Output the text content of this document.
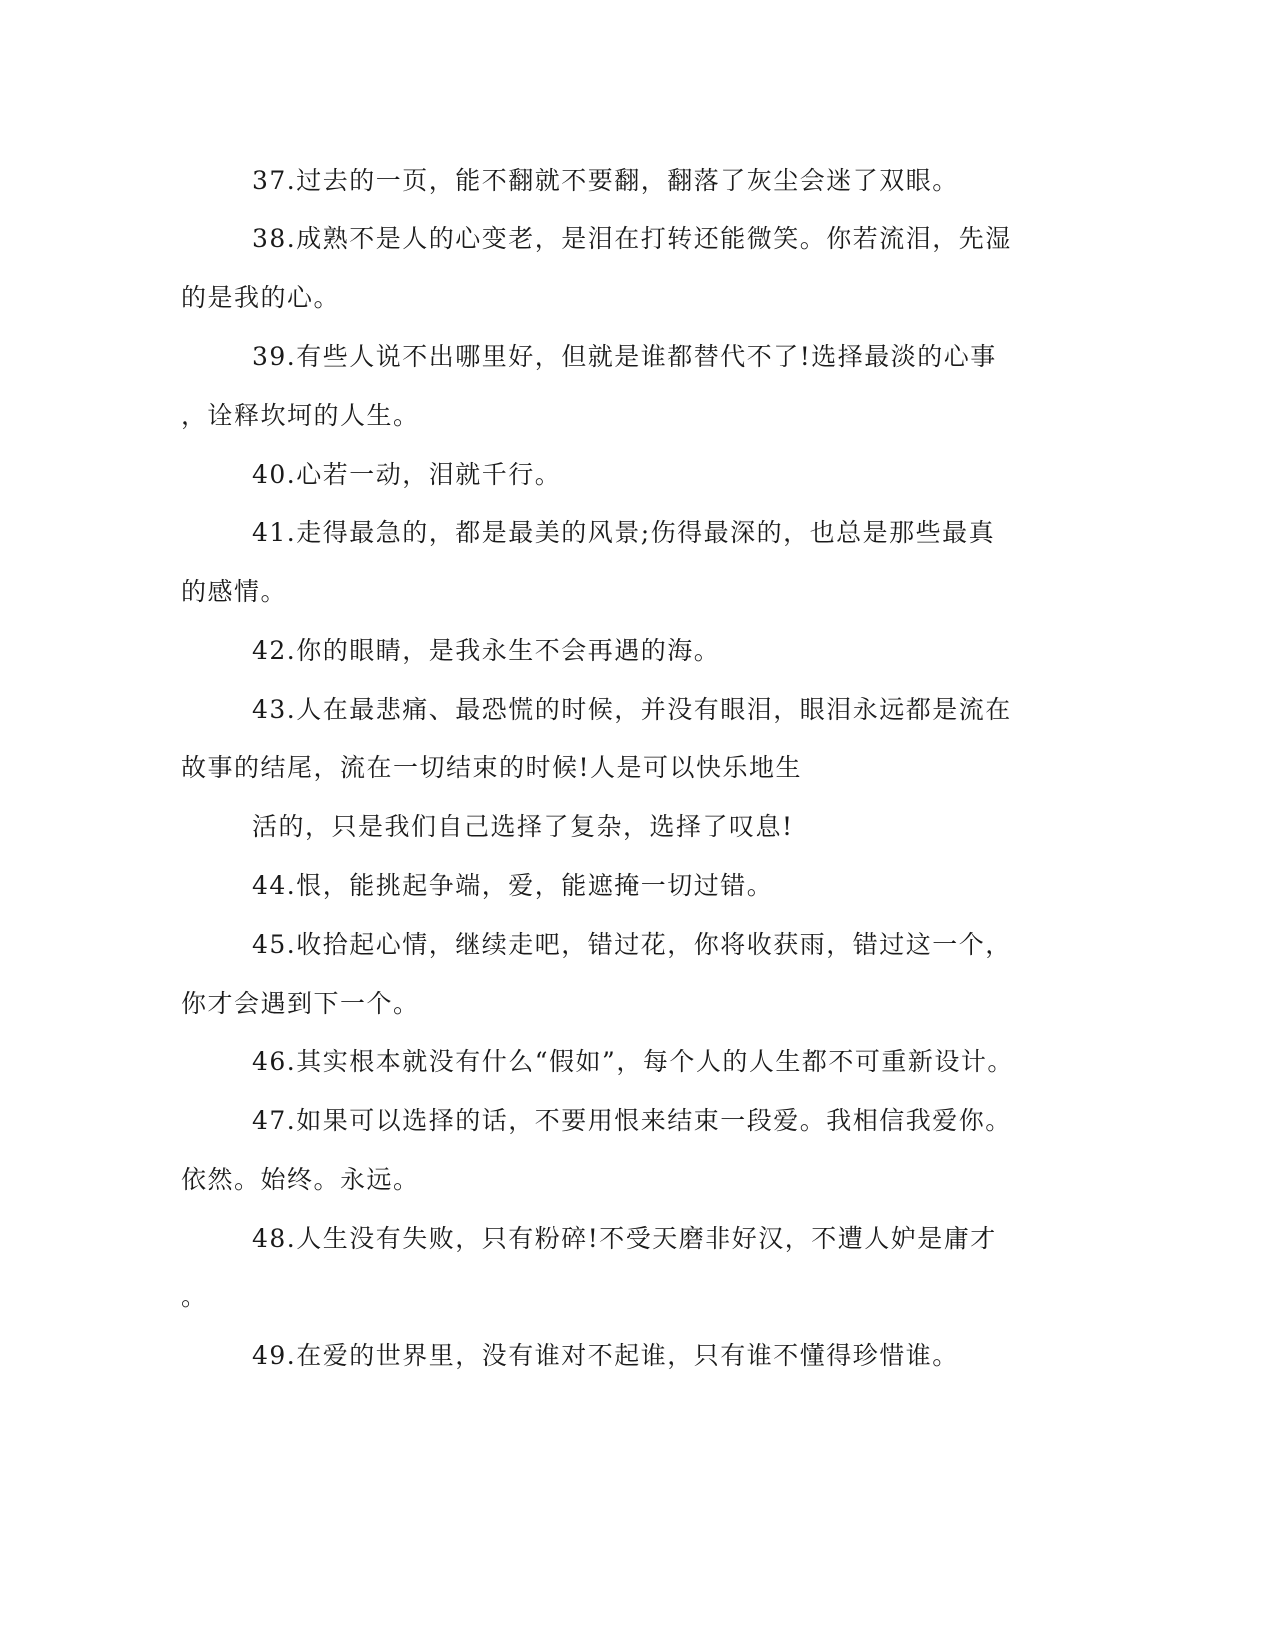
37.过去的一页，能不翻就不要翻，翻落了灰尘会迷了双眼。
38.成熟不是人的心变老，是泪在打转还能微笑。你若流泪，先湿
的是我的心。
39.有些人说不出哪里好，但就是谁都替代不了!选择最淡的心事
，诠释坎坷的人生。
40.心若一动，泪就千行。
41.走得最急的，都是最美的风景;伤得最深的，也总是那些最真
的感情。
42.你的眼睛，是我永生不会再遇的海。
43.人在最悲痛、最恐慌的时候，并没有眼泪，眼泪永远都是流在
故事的结尾，流在一切结束的时候!人是可以快乐地生
活的，只是我们自己选择了复杂，选择了叹息!
44.恨，能挑起争端，爱，能遮掩一切过错。
45.收拾起心情，继续走吧，错过花，你将收获雨，错过这一个，
你才会遇到下一个。
46.其实根本就没有什么“假如”，每个人的人生都不可重新设计。
47.如果可以选择的话，不要用恨来结束一段爱。我相信我爱你。
依然。始终。永远。
48.人生没有失败，只有粉碎!不受天磨非好汉，不遭人妒是庸才
。
49.在爱的世界里，没有谁对不起谁，只有谁不懂得珍惜谁。
